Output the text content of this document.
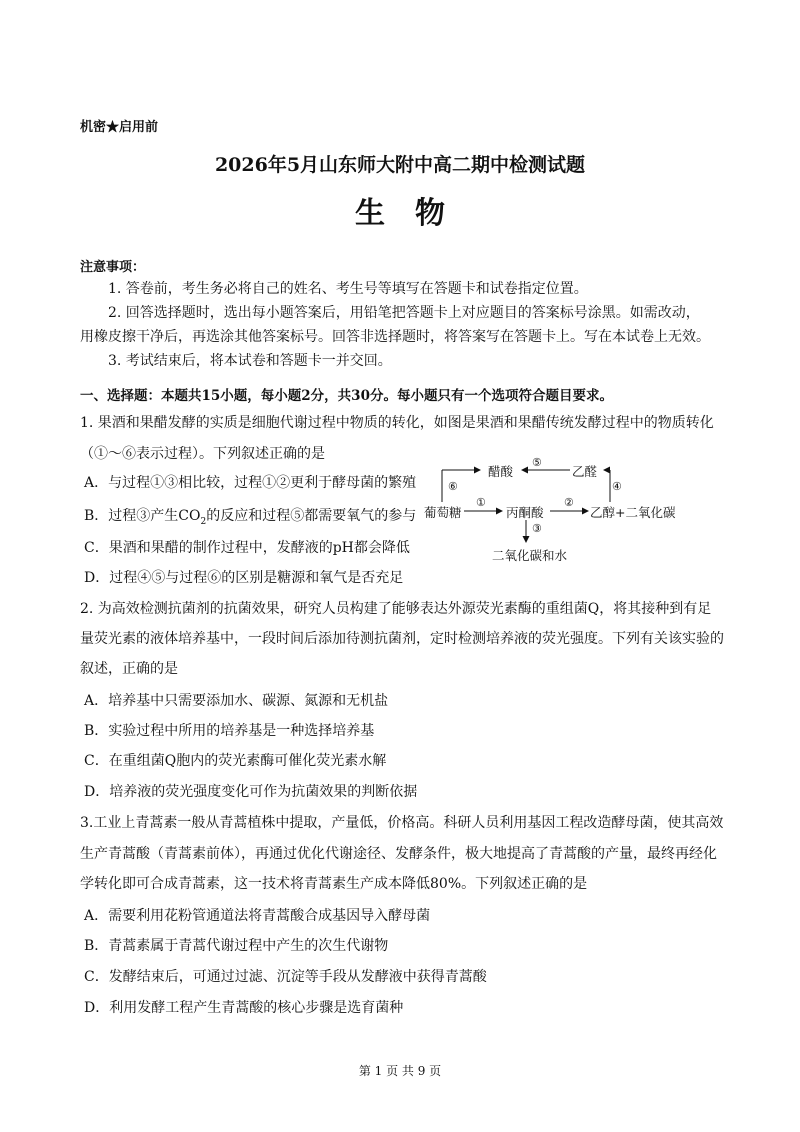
机密★启用前
2026年5月山东师大附中高二期中检测试题
生　物
注意事项：
1. 答卷前，考生务必将自己的姓名、考生号等填写在答题卡和试卷指定位置。
2. 回答选择题时，选出每小题答案后，用铅笔把答题卡上对应题目的答案标号涂黑。如需改动，
用橡皮擦干净后，再选涂其他答案标号。回答非选择题时，将答案写在答题卡上。写在本试卷上无效。
3. 考试结束后，将本试卷和答题卡一并交回。
一、选择题：本题共15小题，每小题2分，共30分。每小题只有一个选项符合题目要求。
1. 果酒和果醋发酵的实质是细胞代谢过程中物质的转化，如图是果酒和果醋传统发酵过程中的物质转化
（①～⑥表示过程）。下列叙述正确的是
A．与过程①③相比较，过程①②更利于酵母菌的繁殖
B．过程③产生$CO_2$的反应和过程⑤都需要氧气的参与
C．果酒和果醋的制作过程中，发酵液的pH都会降低
D．过程④⑤与过程⑥的区别是糖源和氧气是否充足
醋酸	乙醛
⑤
⑥	④
葡萄糖
①
丙酮酸
②
乙醇+二氧化碳
③
二氧化碳和水
2. 为高效检测抗菌剂的抗菌效果，研究人员构建了能够表达外源荧光素酶的重组菌Q，将其接种到有足
量荧光素的液体培养基中，一段时间后添加待测抗菌剂，定时检测培养液的荧光强度。下列有关该实验的
叙述，正确的是
A．培养基中只需要添加水、碳源、氮源和无机盐
B．实验过程中所用的培养基是一种选择培养基
C．在重组菌Q胞内的荧光素酶可催化荧光素水解
D．培养液的荧光强度变化可作为抗菌效果的判断依据
3.工业上青蒿素一般从青蒿植株中提取，产量低，价格高。科研人员利用基因工程改造酵母菌，使其高效
生产青蒿酸（青蒿素前体），再通过优化代谢途径、发酵条件，极大地提高了青蒿酸的产量，最终再经化
学转化即可合成青蒿素，这一技术将青蒿素生产成本降低80%。下列叙述正确的是
A．需要利用花粉管通道法将青蒿酸合成基因导入酵母菌
B．青蒿素属于青蒿代谢过程中产生的次生代谢物
C．发酵结束后，可通过过滤、沉淀等手段从发酵液中获得青蒿酸
D．利用发酵工程产生青蒿酸的核心步骤是选育菌种
第 1 页 共 9 页
